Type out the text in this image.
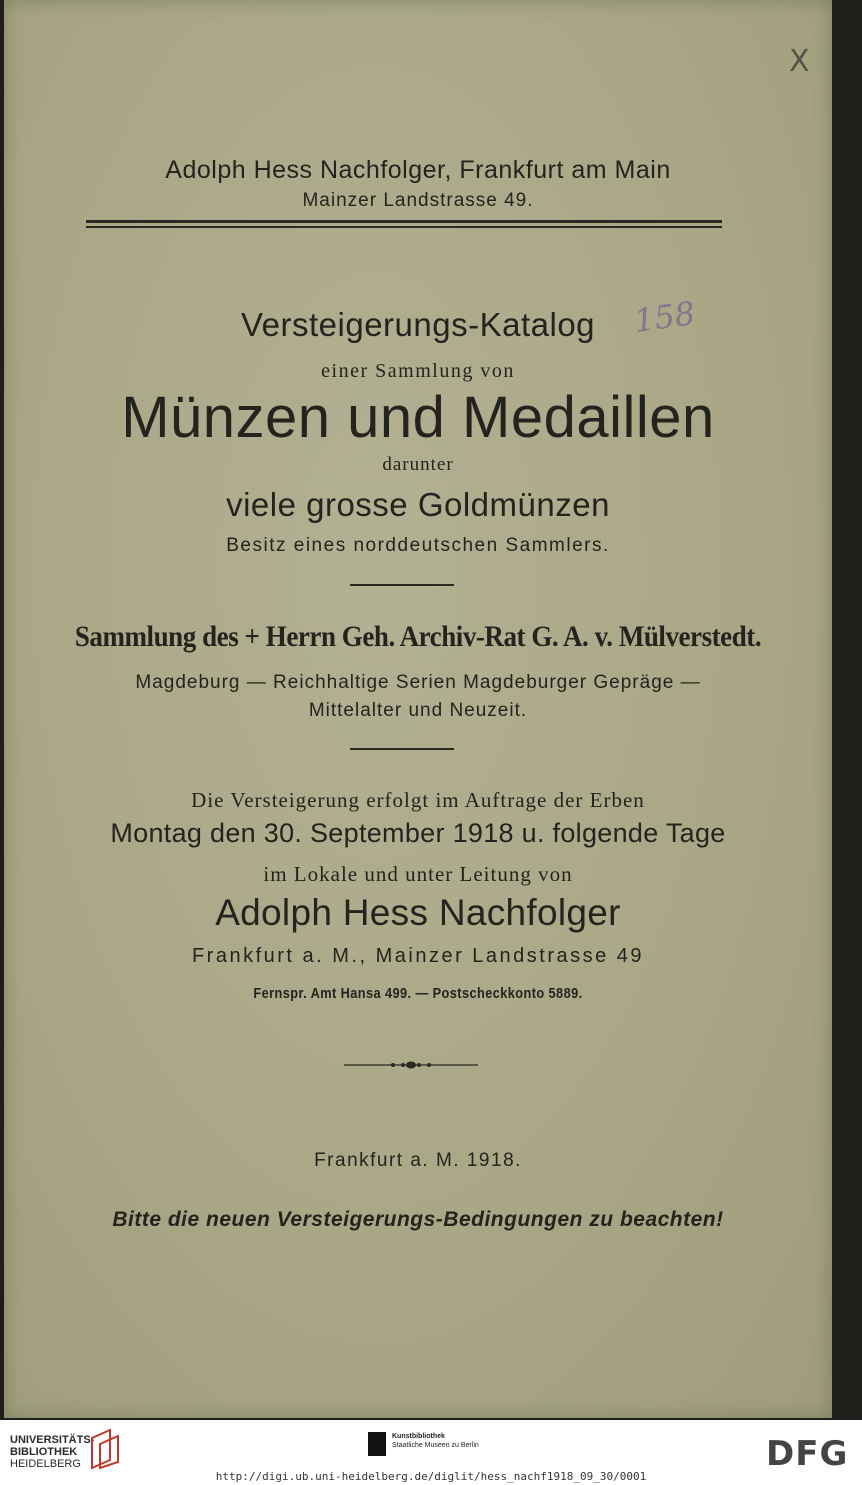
X
Adolph Hess Nachfolger, Frankfurt am Main
Mainzer Landstrasse 49.
Versteigerungs-Katalog	158
einer Sammlung von
Münzen und Medaillen
darunter
viele grosse Goldmünzen
Besitz eines norddeutschen Sammlers.
Sammlung des + Herrn Geh. Archiv-Rat G. A. v. Mülverstedt.
Magdeburg — Reichhaltige Serien Magdeburger Gepräge —
Mittelalter und Neuzeit.
Die Versteigerung erfolgt im Auftrage der Erben
Montag den 30. September 1918 u. folgende Tage
im Lokale und unter Leitung von
Adolph Hess Nachfolger
Frankfurt a. M., Mainzer Landstrasse 49
Fernspr. Amt Hansa 499. — Postscheckkonto 5889.
Frankfurt a. M. 1918.
Bitte die neuen Versteigerungs-Bedingungen zu beachten!
UNIVERSITÄTS-
BIBLIOTHEK
HEIDELBERG
Kunstbibliothek
Staatliche Museen zu Berlin	DFG
http://digi.ub.uni-heidelberg.de/diglit/hess_nachf1918_09_30/0001
